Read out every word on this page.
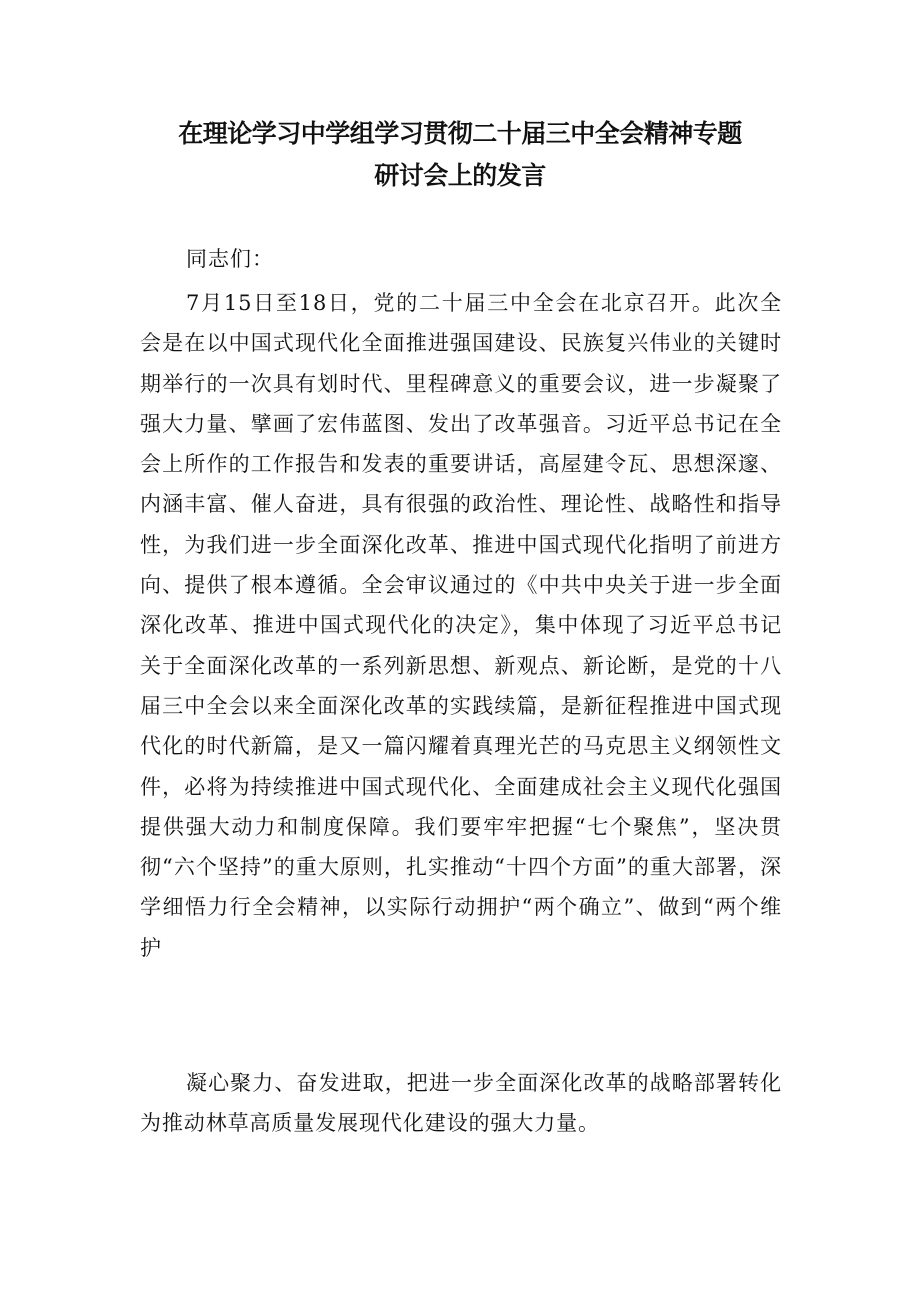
在理论学习中学组学习贯彻二十届三中全会精神专题
研讨会上的发言

同志们：

7月15日至18日，党的二十届三中全会在北京召开。此次全会是在以中国式现代化全面推进强国建设、民族复兴伟业的关键时期举行的一次具有划时代、里程碑意义的重要会议，进一步凝聚了强大力量、擘画了宏伟蓝图、发出了改革强音。习近平总书记在全会上所作的工作报告和发表的重要讲话，高屋建令瓦、思想深邃、内涵丰富、催人奋进，具有很强的政治性、理论性、战略性和指导性，为我们进一步全面深化改革、推进中国式现代化指明了前进方向、提供了根本遵循。全会审议通过的《中共中央关于进一步全面深化改革、推进中国式现代化的决定》，集中体现了习近平总书记关于全面深化改革的一系列新思想、新观点、新论断，是党的十八届三中全会以来全面深化改革的实践续篇，是新征程推进中国式现代化的时代新篇，是又一篇闪耀着真理光芒的马克思主义纲领性文件，必将为持续推进中国式现代化、全面建成社会主义现代化强国提供强大动力和制度保障。我们要牢牢把握“七个聚焦”，坚决贯彻“六个坚持”的重大原则，扎实推动“十四个方面”的重大部署，深学细悟力行全会精神，以实际行动拥护“两个确立”、做到“两个维护

凝心聚力、奋发进取，把进一步全面深化改革的战略部署转化为推动林草高质量发展现代化建设的强大力量。
